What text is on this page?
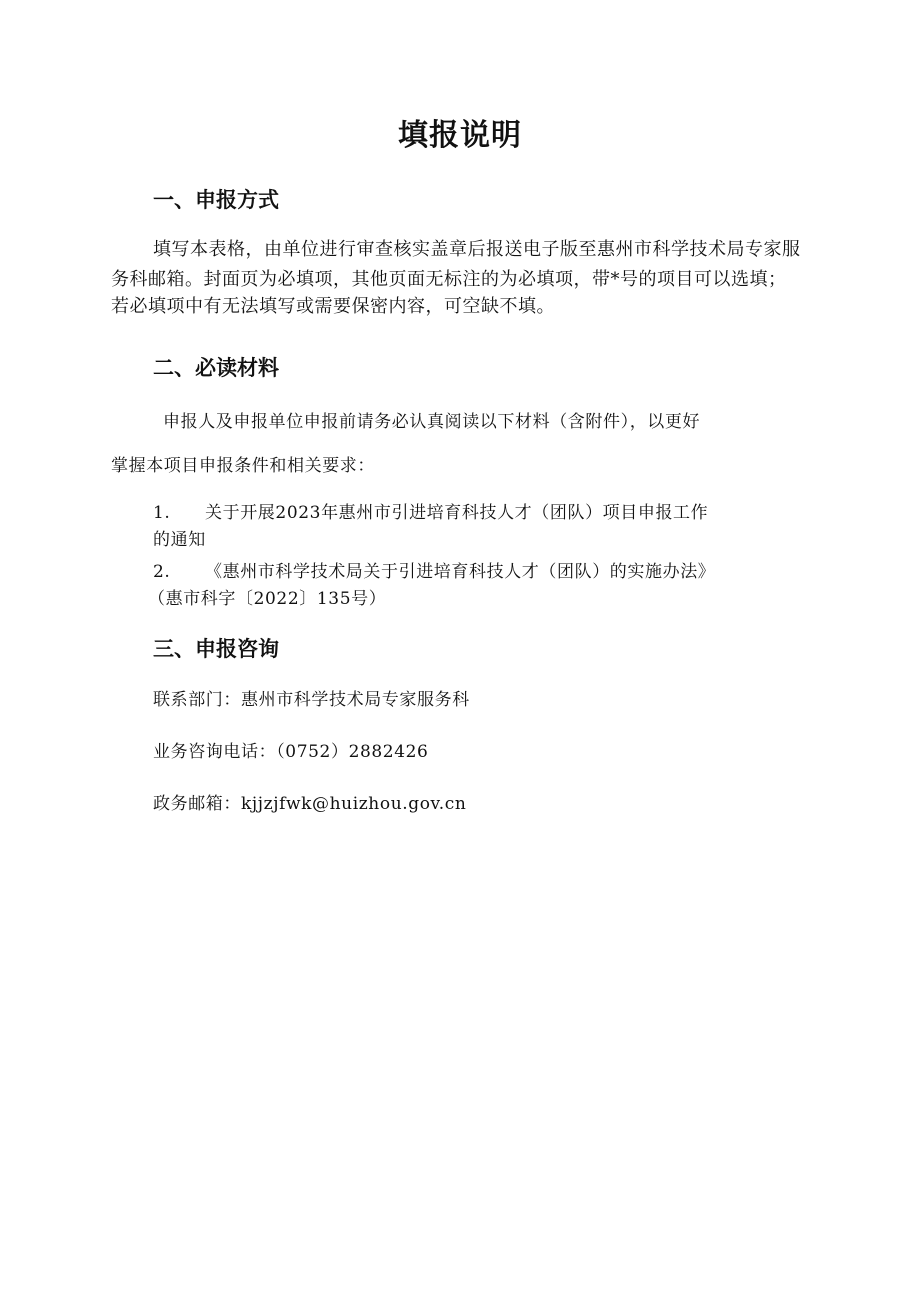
填报说明
一、申报方式
填写本表格，由单位进行审查核实盖章后报送电子版至惠州市科学技术局专家服
务科邮箱。封面页为必填项，其他页面无标注的为必填项，带*号的项目可以选填；
若必填项中有无法填写或需要保密内容，可空缺不填。
二、必读材料
申报人及申报单位申报前请务必认真阅读以下材料（含附件），以更好
掌握本项目申报条件和相关要求：
1. 关于开展2023年惠州市引进培育科技人才（团队）项目申报工作
的通知
2. 《惠州市科学技术局关于引进培育科技人才（团队）的实施办法》
（惠市科字〔2022〕135号）
三、申报咨询
联系部门：惠州市科学技术局专家服务科
业务咨询电话：（0752）2882426
政务邮箱：kjjzjfwk@huizhou.gov.cn
